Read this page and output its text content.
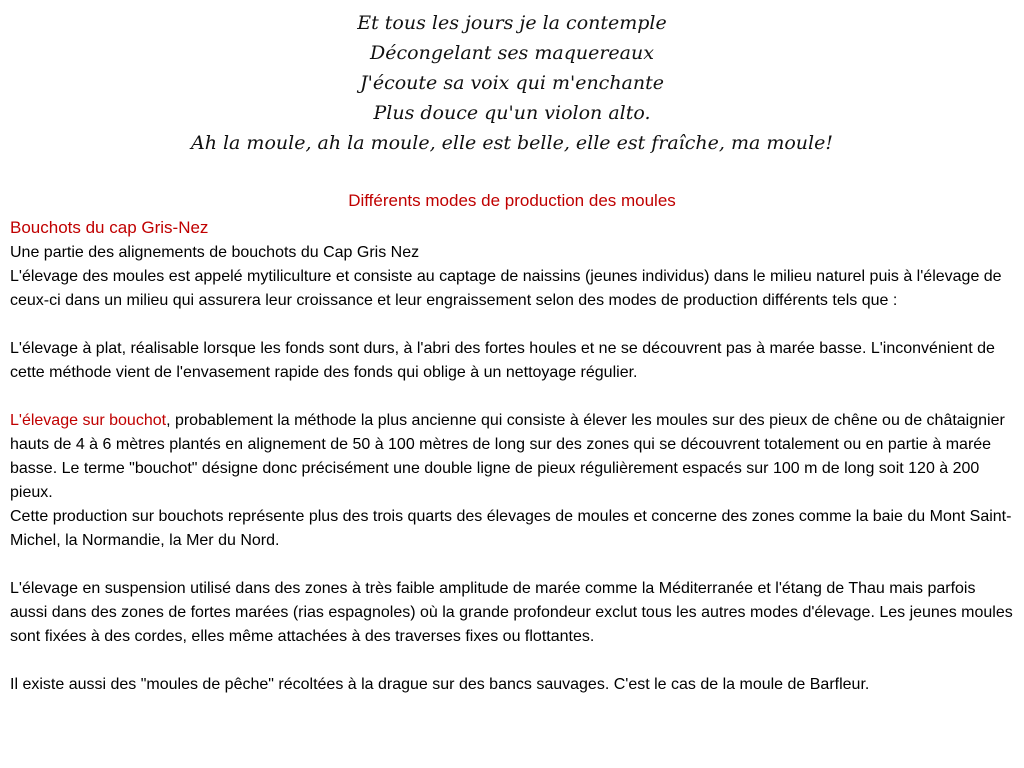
Et tous les jours je la contemple
Décongelant ses maquereaux
J'écoute sa voix qui m'enchante
Plus douce qu'un violon alto.
Ah la moule, ah la moule, elle est belle, elle est fraîche, ma moule!
Différents modes de production des moules
Bouchots du cap Gris-Nez

Une partie des alignements de bouchots du Cap Gris Nez

L'élevage des moules est appelé mytiliculture et consiste au captage de naissins (jeunes individus) dans le milieu naturel puis à l'élevage de ceux-ci dans un milieu qui assurera leur croissance et leur engraissement selon des modes de production différents tels que :

L'élevage à plat, réalisable lorsque les fonds sont durs, à l'abri des fortes houles et ne se découvrent pas à marée basse. L'inconvénient de cette méthode vient de l'envasement rapide des fonds qui oblige à un nettoyage régulier.

L'élevage sur bouchot, probablement la méthode la plus ancienne qui consiste à élever les moules sur des pieux de chêne ou de châtaignier hauts de 4 à 6 mètres plantés en alignement de 50 à 100 mètres de long sur des zones qui se découvrent totalement ou en partie à marée basse. Le terme "bouchot" désigne donc précisément une double ligne de pieux régulièrement espacés sur 100 m de long soit 120 à 200 pieux.

Cette production sur bouchots représente plus des trois quarts des élevages de moules et concerne des zones comme la baie du Mont Saint-Michel, la Normandie, la Mer du Nord.

L'élevage en suspension utilisé dans des zones à très faible amplitude de marée comme la Méditerranée et l'étang de Thau mais parfois aussi dans des zones de fortes marées (rias espagnoles) où la grande profondeur exclut tous les autres modes d'élevage. Les jeunes moules sont fixées à des cordes, elles même attachées à des traverses fixes ou flottantes.

Il existe aussi des "moules de pêche" récoltées à la drague sur des bancs sauvages. C'est le cas de la moule de Barfleur.
